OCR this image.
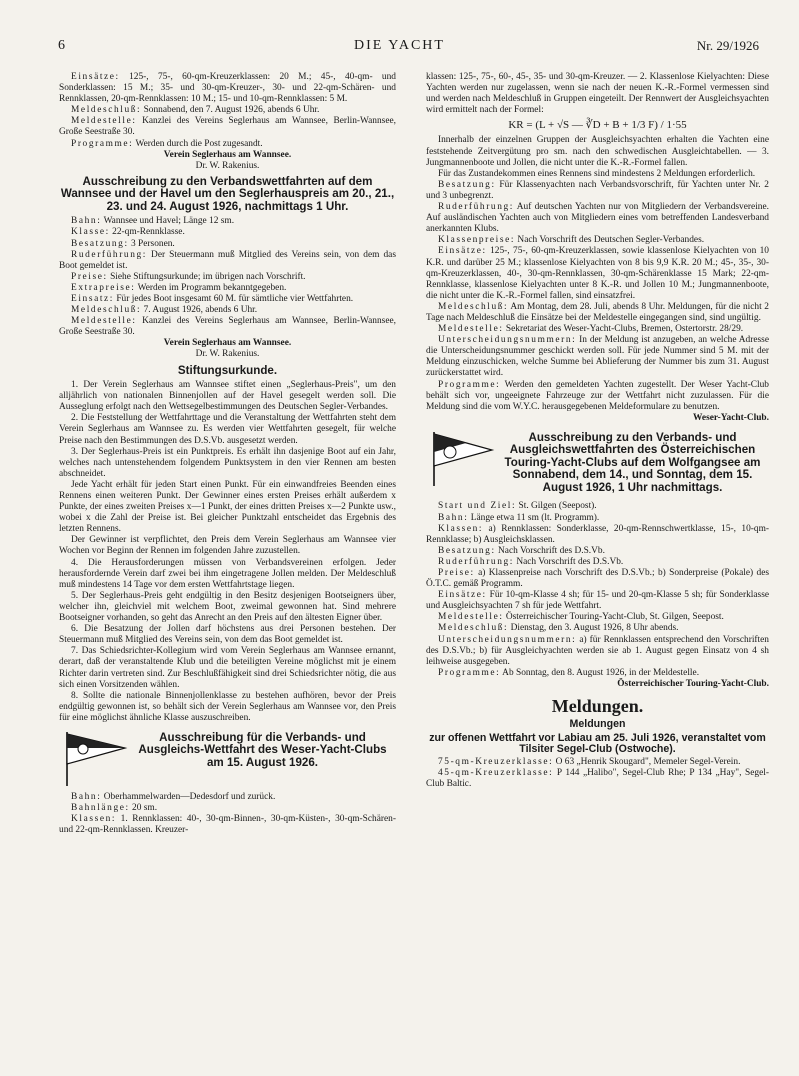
6	DIE YACHT	Nr. 29/1926

Einsätze: 125-, 75-, 60-qm-Kreuzerklassen: 20 M.; 45-, 40-qm- und Sonderklassen: 15 M.; 35- und 30-qm-Kreuzer-, 30- und 22-qm-Schären- und Rennklassen, 20-qm-Rennklassen: 10 M.; 15- und 10-qm-Rennklassen: 5 M.

Meldeschluß: Sonnabend, den 7. August 1926, abends 6 Uhr.

Meldestelle: Kanzlei des Vereins Seglerhaus am Wannsee, Berlin-Wannsee, Große Seestraße 30.

Programme: Werden durch die Post zugesandt.

Verein Seglerhaus am Wannsee.

Dr. W. Rakenius.

Ausschreibung zu den Verbandswettfahrten auf dem Wannsee und der Havel um den Seglerhauspreis am 20., 21., 23. und 24. August 1926, nachmittags 1 Uhr.

Bahn: Wannsee und Havel; Länge 12 sm.

Klasse: 22-qm-Rennklasse.

Besatzung: 3 Personen.

Ruderführung: Der Steuermann muß Mitglied des Vereins sein, von dem das Boot gemeldet ist.

Preise: Siehe Stiftungsurkunde; im übrigen nach Vorschrift.

Extrapreise: Werden im Programm bekanntgegeben.

Einsatz: Für jedes Boot insgesamt 60 M. für sämtliche vier Wettfahrten.

Meldeschluß: 7. August 1926, abends 6 Uhr.

Meldestelle: Kanzlei des Vereins Seglerhaus am Wannsee, Berlin-Wannsee, Große Seestraße 30.

Verein Seglerhaus am Wannsee.

Dr. W. Rakenius.

Stiftungsurkunde.

1. Der Verein Seglerhaus am Wannsee stiftet einen „Seglerhaus-Preis", um den alljährlich von nationalen Binnenjollen auf der Havel gesegelt werden soll. Die Ausseglung erfolgt nach den Wettsegelbestimmungen des Deutschen Segler-Verbandes.

2. Die Feststellung der Wettfahrttage und die Veranstaltung der Wettfahrten steht dem Verein Seglerhaus am Wannsee zu. Es werden vier Wettfahrten gesegelt, für welche Preise nach den Bestimmungen des D.S.Vb. ausgesetzt werden.

3. Der Seglerhaus-Preis ist ein Punktpreis. Es erhält ihn dasjenige Boot auf ein Jahr, welches nach untenstehendem folgendem Punktsystem in den vier Rennen am besten abschneidet.

Jede Yacht erhält für jeden Start einen Punkt. Für ein einwandfreies Beenden eines Rennens einen weiteren Punkt. Der Gewinner eines ersten Preises erhält außerdem x Punkte, der eines zweiten Preises x—1 Punkt, der eines dritten Preises x—2 Punkte usw., wobei x die Zahl der Preise ist. Bei gleicher Punktzahl entscheidet das Ergebnis des letzten Rennens.

Der Gewinner ist verpflichtet, den Preis dem Verein Seglerhaus am Wannsee vier Wochen vor Beginn der Rennen im folgenden Jahre zuzustellen.

4. Die Herausforderungen müssen von Verbandsvereinen erfolgen. Jeder herausfordernde Verein darf zwei bei ihm eingetragene Jollen melden. Der Meldeschluß muß mindestens 14 Tage vor dem ersten Wettfahrtstage liegen.

5. Der Seglerhaus-Preis geht endgültig in den Besitz desjenigen Bootseigners über, welcher ihn, gleichviel mit welchem Boot, zweimal gewonnen hat. Sind mehrere Bootseigner vorhanden, so geht das Anrecht an den Preis auf den ältesten Eigner über.

6. Die Besatzung der Jollen darf höchstens aus drei Personen bestehen. Der Steuermann muß Mitglied des Vereins sein, von dem das Boot gemeldet ist.

7. Das Schiedsrichter-Kollegium wird vom Verein Seglerhaus am Wannsee ernannt, derart, daß der veranstaltende Klub und die beteiligten Vereine möglichst mit je einem Richter darin vertreten sind. Zur Beschlußfähigkeit sind drei Schiedsrichter nötig, die aus sich einen Vorsitzenden wählen.

8. Sollte die nationale Binnenjollenklasse zu bestehen aufhören, bevor der Preis endgültig gewonnen ist, so behält sich der Verein Seglerhaus am Wannsee vor, den Preis für eine möglichst ähnliche Klasse auszuschreiben.

Ausschreibung für die Verbands- und Ausgleichs-Wettfahrt des Weser-Yacht-Clubs am 15. August 1926.

Bahn: Oberhammelwarden—Dedesdorf und zurück.

Bahnlänge: 20 sm.

Klassen: 1. Rennklassen: 40-, 30-qm-Binnen-, 30-qm-Küsten-, 30-qm-Schären- und 22-qm-Rennklassen. Kreuzer-

klassen: 125-, 75-, 60-, 45-, 35- und 30-qm-Kreuzer. — 2. Klassenlose Kielyachten: Diese Yachten werden nur zugelassen, wenn sie nach der neuen K.-R.-Formel vermessen sind und werden nach Meldeschluß in Gruppen eingeteilt. Der Rennwert der Ausgleichsyachten wird ermittelt nach der Formel:

KR = (L + √S — ∛D + B + 1/3 F) / 1·55

Innerhalb der einzelnen Gruppen der Ausgleichsyachten erhalten die Yachten eine feststehende Zeitvergütung pro sm. nach den schwedischen Ausgleichtabellen. — 3. Jungmannenboote und Jollen, die nicht unter die K.-R.-Formel fallen.

Für das Zustandekommen eines Rennens sind mindestens 2 Meldungen erforderlich.

Besatzung: Für Klassenyachten nach Verbandsvorschrift, für Yachten unter Nr. 2 und 3 unbegrenzt.

Ruderführung: Auf deutschen Yachten nur von Mitgliedern der Verbandsvereine. Auf ausländischen Yachten auch von Mitgliedern eines vom betreffenden Landesverband anerkannten Klubs.

Klassenpreise: Nach Vorschrift des Deutschen Segler-Verbandes.

Einsätze: 125-, 75-, 60-qm-Kreuzerklassen, sowie klassenlose Kielyachten von 10 K.R. und darüber 25 M.; klassenlose Kielyachten von 8 bis 9,9 K.R. 20 M.; 45-, 35-, 30-qm-Kreuzerklassen, 40-, 30-qm-Rennklassen, 30-qm-Schärenklasse 15 Mark; 22-qm-Rennklasse, klassenlose Kielyachten unter 8 K.-R. und Jollen 10 M.; Jungmannenboote, die nicht unter die K.-R.-Formel fallen, sind einsatzfrei.

Meldeschluß: Am Montag, dem 28. Juli, abends 8 Uhr. Meldungen, für die nicht 2 Tage nach Meldeschluß die Einsätze bei der Meldestelle eingegangen sind, sind ungültig.

Meldestelle: Sekretariat des Weser-Yacht-Clubs, Bremen, Ostertorstr. 28/29.

Unterscheidungsnummern: In der Meldung ist anzugeben, an welche Adresse die Unterscheidungsnummer geschickt werden soll. Für jede Nummer sind 5 M. mit der Meldung einzuschicken, welche Summe bei Ablieferung der Nummer bis zum 31. August zurückerstattet wird.

Programme: Werden den gemeldeten Yachten zugestellt. Der Weser Yacht-Club behält sich vor, ungeeignete Fahrzeuge zur der Wettfahrt nicht zuzulassen. Für die Meldung sind die vom W.Y.C. herausgegebenen Meldeformulare zu benutzen.

Weser-Yacht-Club.

Ausschreibung zu den Verbands- und Ausgleichswettfahrten des Österreichischen Touring-Yacht-Clubs auf dem Wolfgangsee am Sonnabend, dem 14., und Sonntag, dem 15. August 1926, 1 Uhr nachmittags.

Start und Ziel: St. Gilgen (Seepost).

Bahn: Länge etwa 11 sm (lt. Programm).

Klassen: a) Rennklassen: Sonderklasse, 20-qm-Rennschwertklasse, 15-, 10-qm-Rennklasse; b) Ausgleichsklassen.

Besatzung: Nach Vorschrift des D.S.Vb.

Ruderführung: Nach Vorschrift des D.S.Vb.

Preise: a) Klassenpreise nach Vorschrift des D.S.Vb.; b) Sonderpreise (Pokale) des Ö.T.C. gemäß Programm.

Einsätze: Für 10-qm-Klasse 4 sh; für 15- und 20-qm-Klasse 5 sh; für Sonderklasse und Ausgleichsyachten 7 sh für jede Wettfahrt.

Meldestelle: Österreichischer Touring-Yacht-Club, St. Gilgen, Seepost.

Meldeschluß: Dienstag, den 3. August 1926, 8 Uhr abends.

Unterscheidungsnummern: a) für Rennklassen entsprechend den Vorschriften des D.S.Vb.; b) für Ausgleichyachten werden sie ab 1. August gegen Einsatz von 4 sh leihweise ausgegeben.

Programme: Ab Sonntag, den 8. August 1926, in der Meldestelle.

Österreichischer Touring-Yacht-Club.

Meldungen.
Meldungen
zur offenen Wettfahrt vor Labiau am 25. Juli 1926, veranstaltet vom Tilsiter Segel-Club (Ostwoche).

75-qm-Kreuzerklasse: O 63 „Henrik Skougard", Memeler Segel-Verein.

45-qm-Kreuzerklasse: P 144 „Halibo", Segel-Club Rhe; P 134 „Hay", Segel-Club Baltic.
